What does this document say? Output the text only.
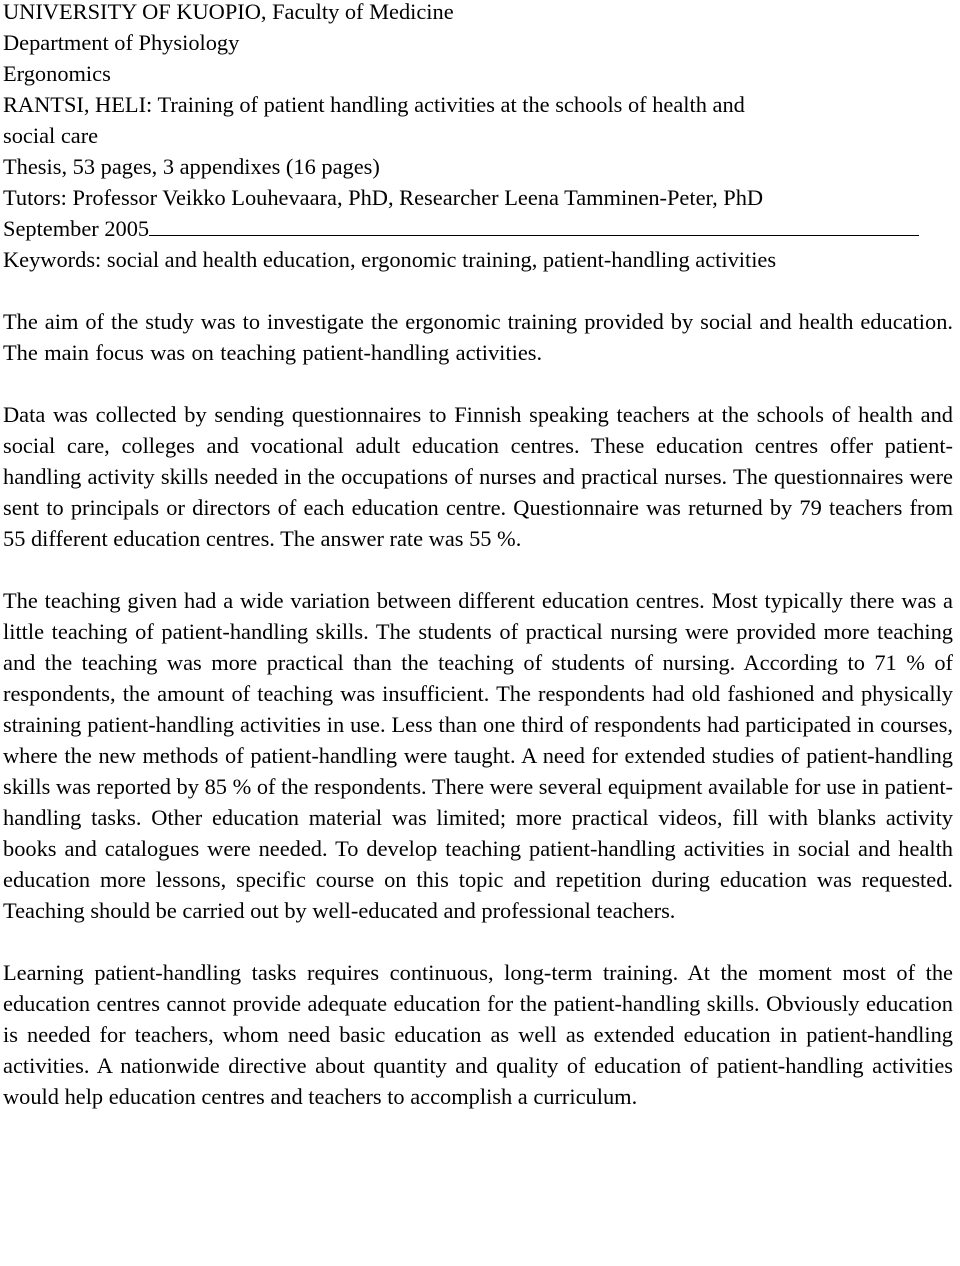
UNIVERSITY OF KUOPIO, Faculty of Medicine
Department of Physiology
Ergonomics
RANTSI, HELI: Training of patient handling activities at the schools of health and
social care
Thesis, 53 pages, 3 appendixes (16 pages)
Tutors: Professor Veikko Louhevaara, PhD, Researcher Leena Tamminen-Peter, PhD
September 2005
Keywords: social and health education, ergonomic training, patient-handling activities

The aim of the study was to investigate the ergonomic training provided by social and health education. The main focus was on teaching patient-handling activities.

Data was collected by sending questionnaires to Finnish speaking teachers at the schools of health and social care, colleges and vocational adult education centres. These education centres offer patient-handling activity skills needed in the occupations of nurses and practical nurses. The questionnaires were sent to principals or directors of each education centre. Questionnaire was returned by 79 teachers from 55 different education centres. The answer rate was 55 %.

The teaching given had a wide variation between different education centres. Most typically there was a little teaching of patient-handling skills. The students of practical nursing were provided more teaching and the teaching was more practical than the teaching of students of nursing. According to 71 % of respondents, the amount of teaching was insufficient. The respondents had old fashioned and physically straining patient-handling activities in use. Less than one third of respondents had participated in courses, where the new methods of patient-handling were taught. A need for extended studies of patient-handling skills was reported by 85 % of the respondents. There were several equipment available for use in patient-handling tasks. Other education material was limited; more practical videos, fill with blanks activity books and catalogues were needed. To develop teaching patient-handling activities in social and health education more lessons, specific course on this topic and repetition during education was requested. Teaching should be carried out by well-educated and professional teachers.

Learning patient-handling tasks requires continuous, long-term training. At the moment most of the education centres cannot provide adequate education for the patient-handling skills. Obviously education is needed for teachers, whom need basic education as well as extended education in patient-handling activities. A nationwide directive about quantity and quality of education of patient-handling activities would help education centres and teachers to accomplish a curriculum.
